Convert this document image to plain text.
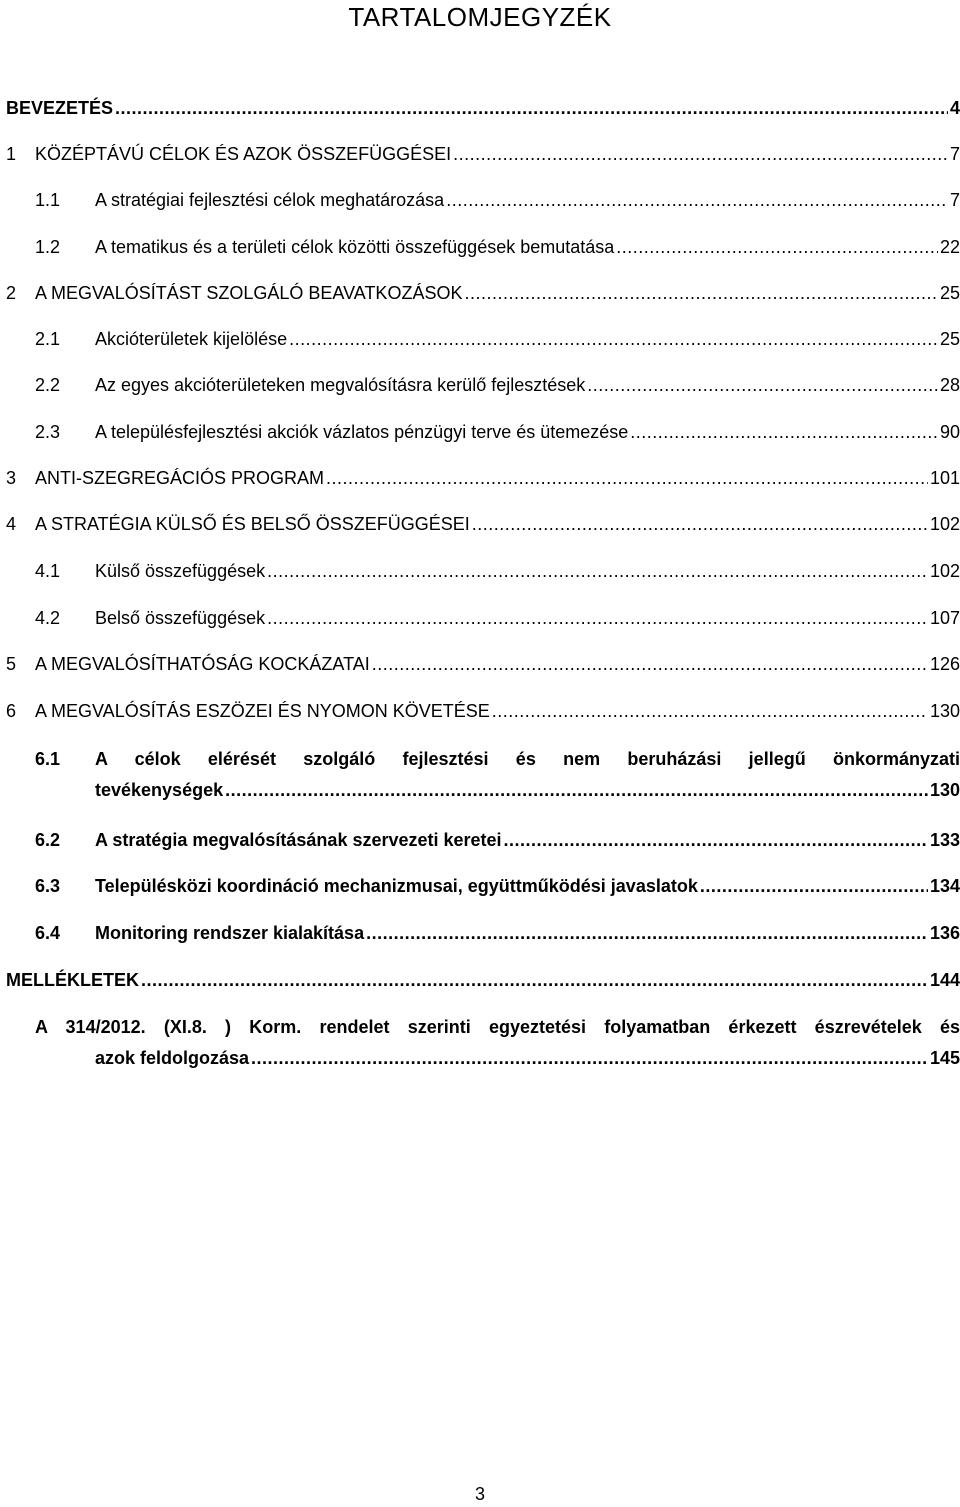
TARTALOMJEGYZÉK
BEVEZETÉS .....	4
1	KÖZÉPTÁVÚ CÉLOK ÉS AZOK ÖSSZEFÜGGÉSEI .....	7
1.1	A stratégiai fejlesztési célok meghatározása .....	7
1.2	A tematikus és a területi célok közötti összefüggések bemutatása .....	22
2	A MEGVALÓSÍTÁST SZOLGÁLÓ BEAVATKOZÁSOK .....	25
2.1	Akcióterületek kijelölése .....	25
2.2	Az egyes akcióterületeken megvalósításra kerülő fejlesztések .....	28
2.3	A településfejlesztési akciók vázlatos pénzügyi terve és ütemezése .....	90
3	ANTI-SZEGREGÁCIÓS PROGRAM .....	101
4	A STRATÉGIA KÜLSŐ ÉS BELSŐ ÖSSZEFÜGGÉSEI .....	102
4.1	Külső összefüggések .....	102
4.2	Belső összefüggések .....	107
5	A MEGVALÓSÍTHATÓSÁG KOCKÁZATAI .....	126
6	A MEGVALÓSÍTÁS ESZÖZEI ÉS NYOMON KÖVETÉSE .....	130
6.1	A célok elérését szolgáló fejlesztési és nem beruházási jellegű önkormányzati
tevékenységek .....	130
6.2	A stratégia megvalósításának szervezeti keretei .....	133
6.3	Településközi koordináció mechanizmusai, együttműködési javaslatok .....	134
6.4	Monitoring rendszer kialakítása .....	136
MELLÉKLETEK .....	144
A 314/2012. (XI.8. ) Korm. rendelet szerinti egyeztetési folyamatban érkezett észrevételek és
azok feldolgozása .....	145
3
